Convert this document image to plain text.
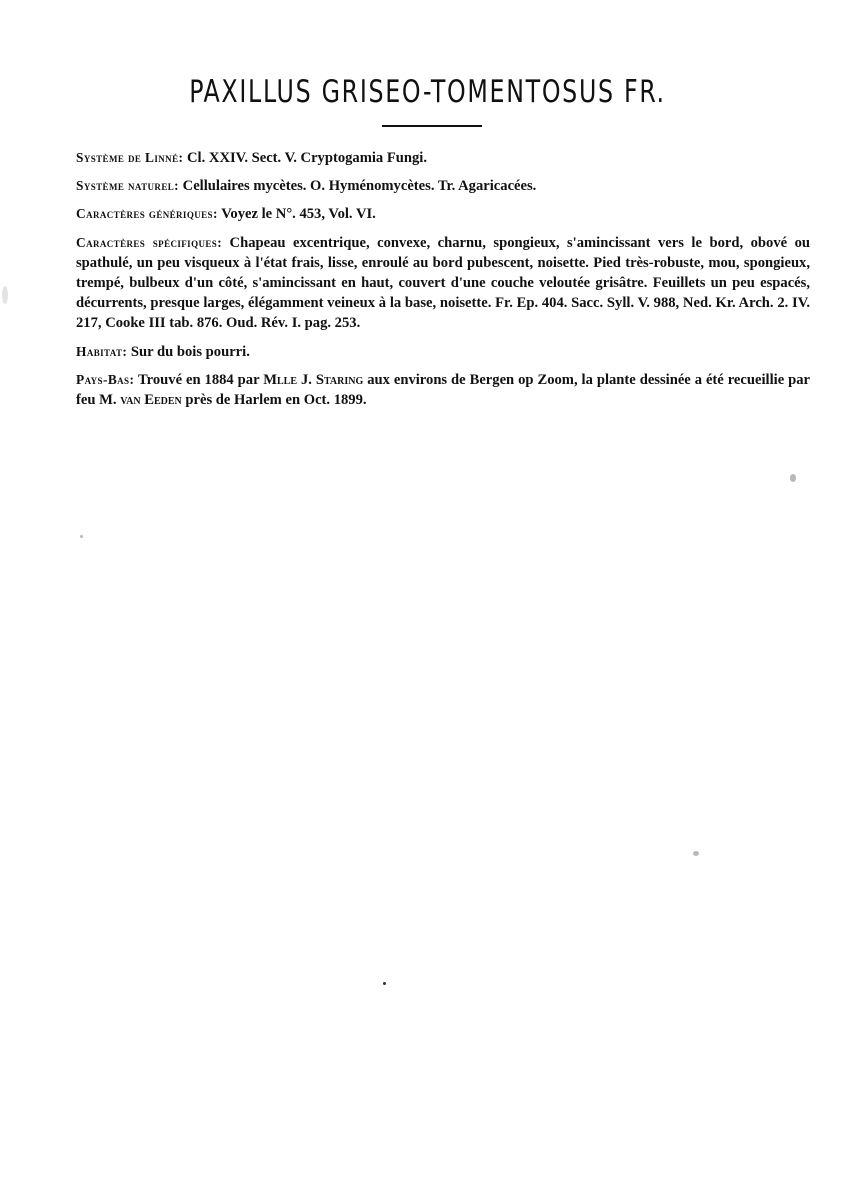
PAXILLUS GRISEO-TOMENTOSUS FR.

Système de Linné: Cl. XXIV. Sect. V. Cryptogamia Fungi.

Système naturel: Cellulaires mycètes. O. Hyménomycètes. Tr. Agaricacées.

Caractères génériques: Voyez le N°. 453, Vol. VI.

Caractères spécifiques: Chapeau excentrique, convexe, charnu, spongieux, s'amincissant vers le bord, obové ou spathulé, un peu visqueux à l'état frais, lisse, enroulé au bord pubescent, noisette. Pied très-robuste, mou, spongieux, trempé, bulbeux d'un côté, s'amincissant en haut, couvert d'une couche veloutée grisâtre. Feuillets un peu espacés, décurrents, presque larges, élégamment veineux à la base, noisette. Fr. Ep. 404. Sacc. Syll. V. 988, Ned. Kr. Arch. 2. IV. 217, Cooke III tab. 876. Oud. Rév. I. pag. 253.

Habitat: Sur du bois pourri.

Pays-Bas: Trouvé en 1884 par Mlle J. Staring aux environs de Bergen op Zoom, la plante dessinée a été recueillie par feu M. van Eeden près de Harlem en Oct. 1899.
